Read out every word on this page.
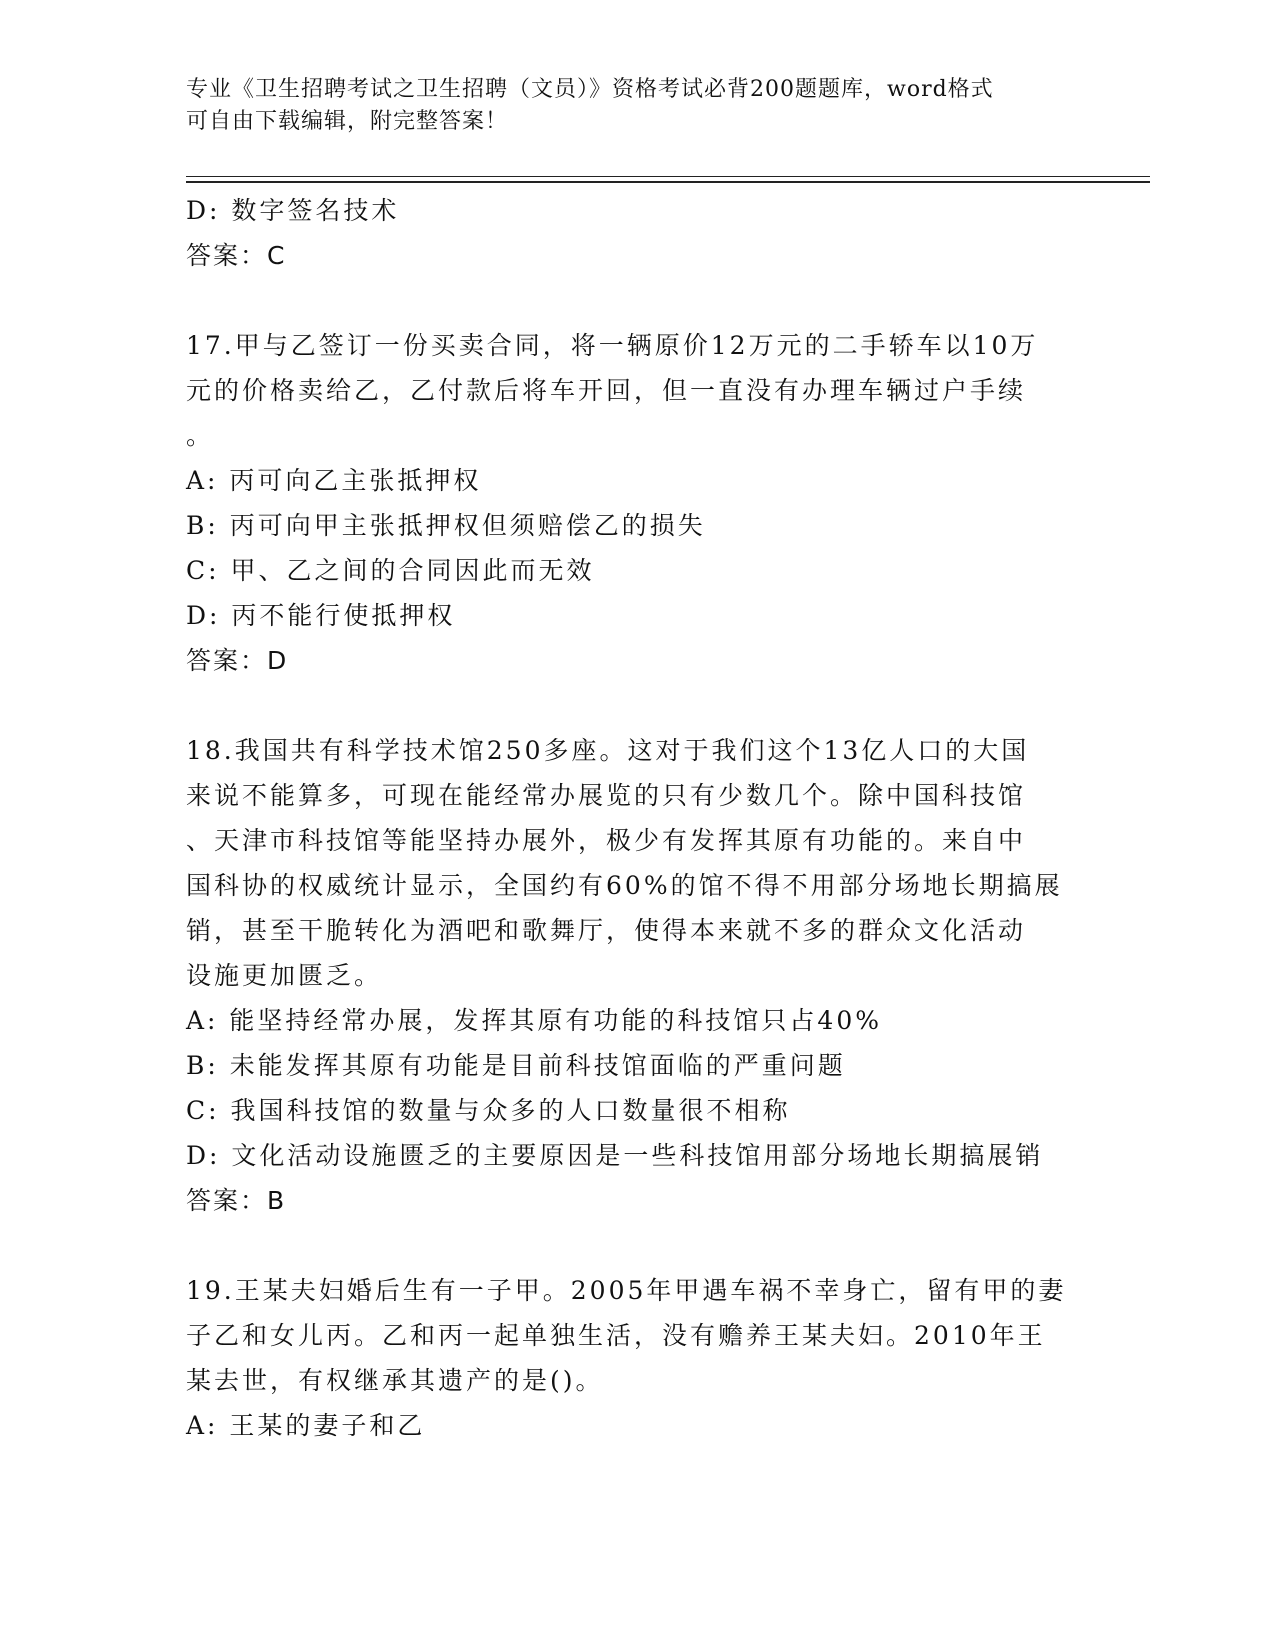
专业《卫生招聘考试之卫生招聘（文员）》资格考试必背200题题库，word格式
可自由下载编辑，附完整答案！
D: 数字签名技术
答案：C
17.甲与乙签订一份买卖合同，将一辆原价12万元的二手轿车以10万
元的价格卖给乙，乙付款后将车开回，但一直没有办理车辆过户手续
。
A: 丙可向乙主张抵押权
B: 丙可向甲主张抵押权但须赔偿乙的损失
C: 甲、乙之间的合同因此而无效
D: 丙不能行使抵押权
答案：D
18.我国共有科学技术馆250多座。这对于我们这个13亿人口的大国
来说不能算多，可现在能经常办展览的只有少数几个。除中国科技馆
、天津市科技馆等能坚持办展外，极少有发挥其原有功能的。来自中
国科协的权威统计显示，全国约有60%的馆不得不用部分场地长期搞展
销，甚至干脆转化为酒吧和歌舞厅，使得本来就不多的群众文化活动
设施更加匮乏。
A: 能坚持经常办展，发挥其原有功能的科技馆只占40%
B: 未能发挥其原有功能是目前科技馆面临的严重问题
C: 我国科技馆的数量与众多的人口数量很不相称
D: 文化活动设施匮乏的主要原因是一些科技馆用部分场地长期搞展销
答案：B
19.王某夫妇婚后生有一子甲。2005年甲遇车祸不幸身亡，留有甲的妻
子乙和女儿丙。乙和丙一起单独生活，没有赡养王某夫妇。2010年王
某去世，有权继承其遗产的是()。
A: 王某的妻子和乙
